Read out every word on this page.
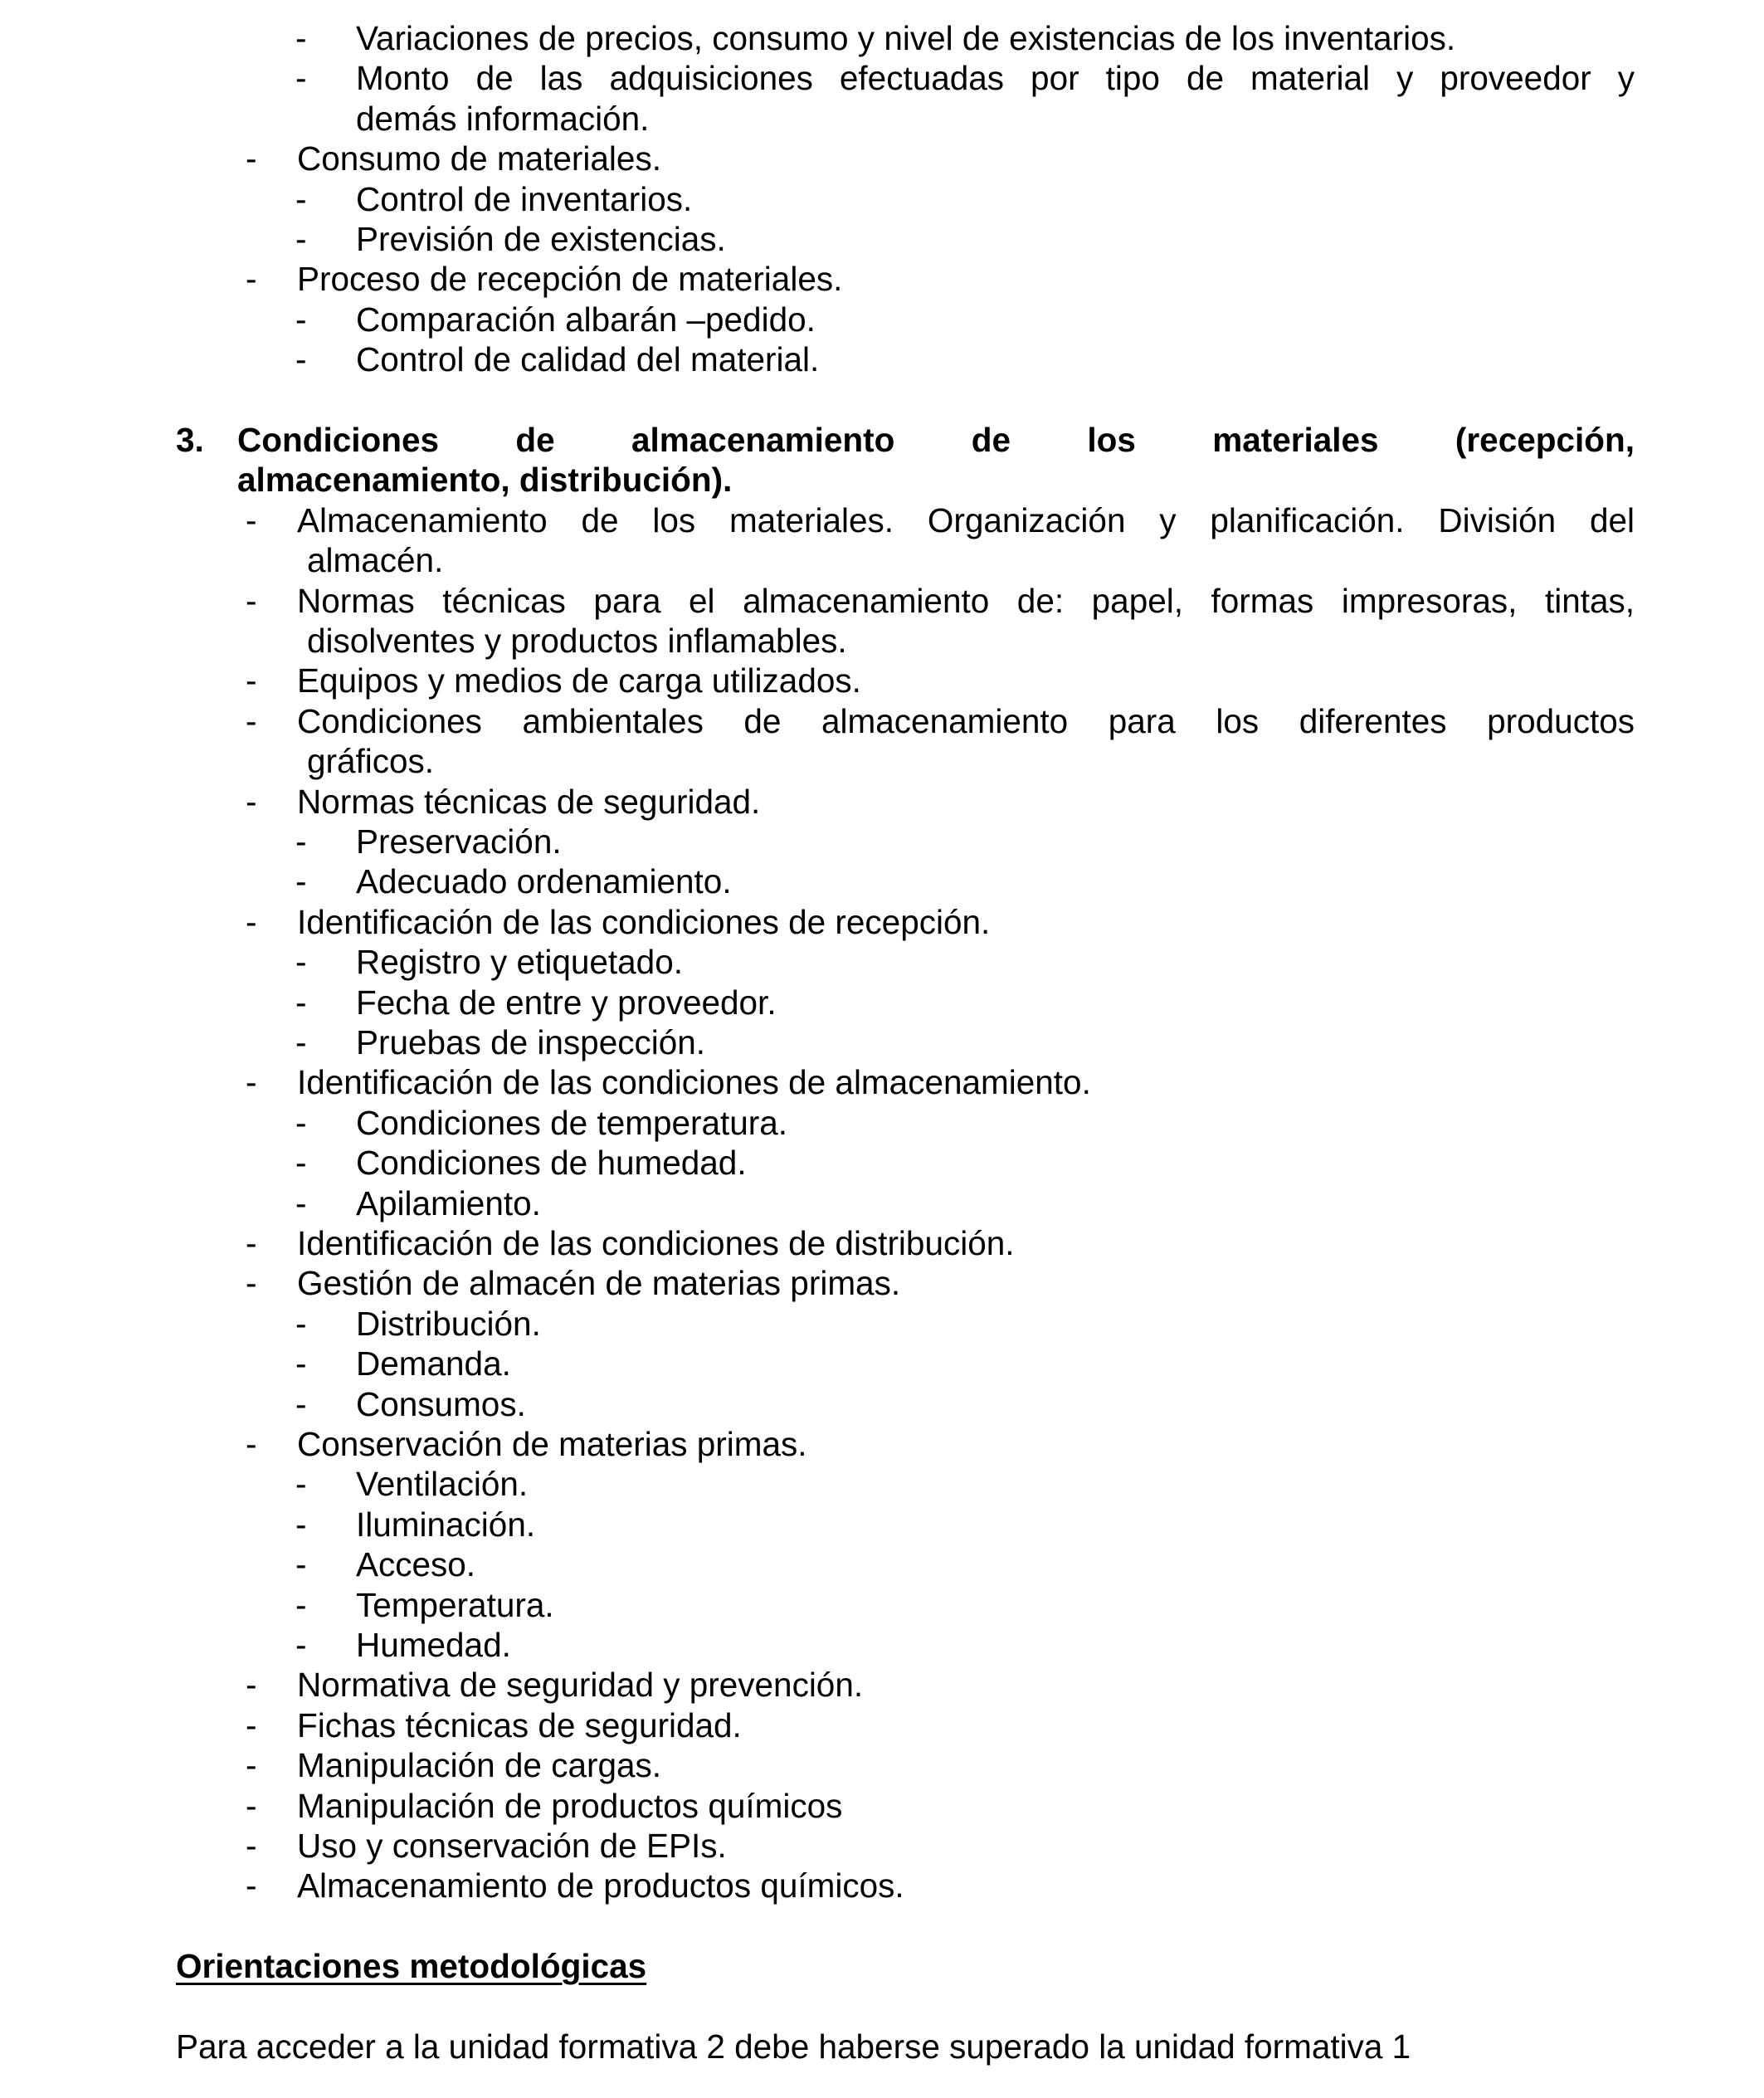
- Variaciones de precios, consumo y nivel de existencias de los inventarios.
- Monto de las adquisiciones efectuadas por tipo de material y proveedor y
demás información.
- Consumo de materiales.
- Control de inventarios.
- Previsión de existencias.
- Proceso de recepción de materiales.
- Comparación albarán –pedido.
- Control de calidad del material.
3. Condiciones de almacenamiento de los materiales (recepción,
almacenamiento, distribución).
- Almacenamiento de los materiales. Organización y planificación. División del
almacén.
- Normas técnicas para el almacenamiento de: papel, formas impresoras, tintas,
disolventes y productos inflamables.
- Equipos y medios de carga utilizados.
- Condiciones ambientales de almacenamiento para los diferentes productos
gráficos.
- Normas técnicas de seguridad.
- Preservación.
- Adecuado ordenamiento.
- Identificación de las condiciones de recepción.
- Registro y etiquetado.
- Fecha de entre y proveedor.
- Pruebas de inspección.
- Identificación de las condiciones de almacenamiento.
- Condiciones de temperatura.
- Condiciones de humedad.
- Apilamiento.
- Identificación de las condiciones de distribución.
- Gestión de almacén de materias primas.
- Distribución.
- Demanda.
- Consumos.
- Conservación de materias primas.
- Ventilación.
- Iluminación.
- Acceso.
- Temperatura.
- Humedad.
- Normativa de seguridad y prevención.
- Fichas técnicas de seguridad.
- Manipulación de cargas.
- Manipulación de productos químicos
- Uso y conservación de EPIs.
- Almacenamiento de productos químicos.
Orientaciones metodológicas
Para acceder a la unidad formativa 2 debe haberse superado la unidad formativa 1
